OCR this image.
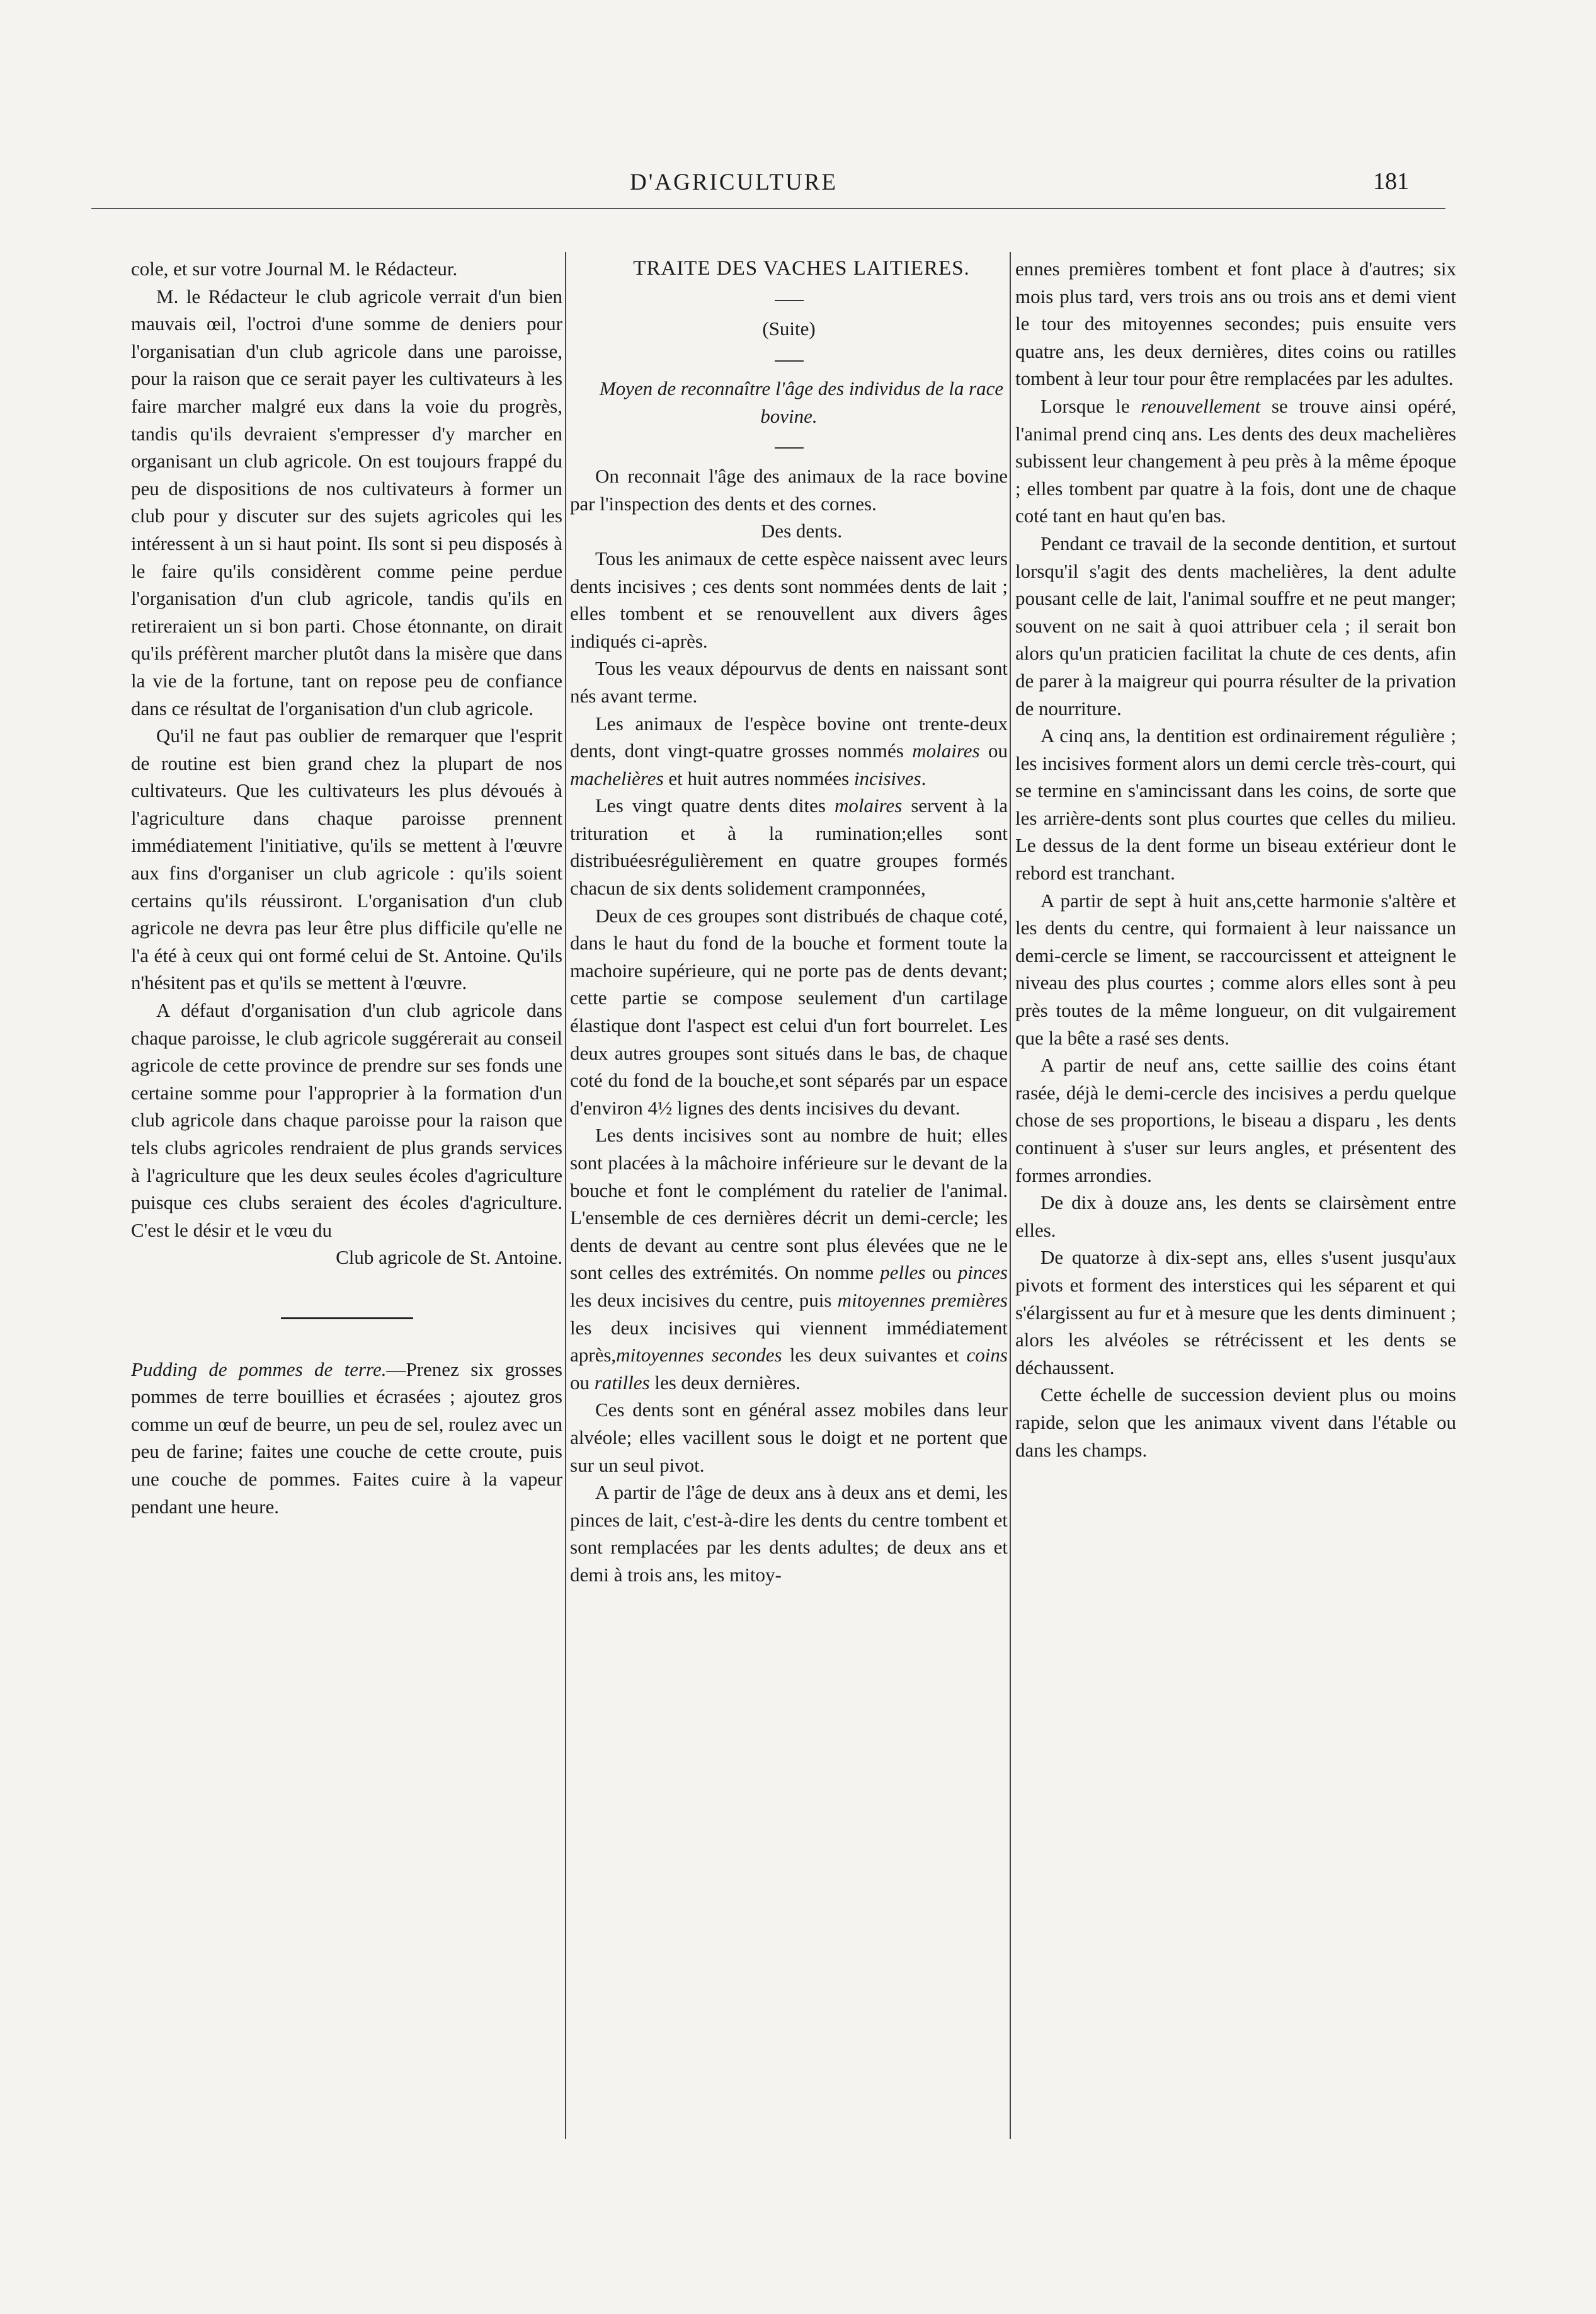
D'AGRICULTURE	181

cole, et sur votre Journal M. le Rédacteur.

M. le Rédacteur le club agricole verrait d'un bien mauvais œil, l'octroi d'une somme de deniers pour l'organisatian d'un club agricole dans une paroisse, pour la raison que ce serait payer les cultivateurs à les faire marcher malgré eux dans la voie du progrès, tandis qu'ils devraient s'empresser d'y marcher en organisant un club agricole. On est toujours frappé du peu de dispositions de nos cultivateurs à former un club pour y discuter sur des sujets agricoles qui les intéressent à un si haut point. Ils sont si peu disposés à le faire qu'ils considèrent comme peine perdue l'organisation d'un club agricole, tandis qu'ils en retireraient un si bon parti. Chose étonnante, on dirait qu'ils préfèrent marcher plutôt dans la misère que dans la vie de la fortune, tant on repose peu de confiance dans ce résultat de l'organisation d'un club agricole.

Qu'il ne faut pas oublier de remarquer que l'esprit de routine est bien grand chez la plupart de nos cultivateurs. Que les cultivateurs les plus dévoués à l'agriculture dans chaque paroisse prennent immédiatement l'initiative, qu'ils se mettent à l'œuvre aux fins d'organiser un club agricole : qu'ils soient certains qu'ils réussiront. L'organisation d'un club agricole ne devra pas leur être plus difficile qu'elle ne l'a été à ceux qui ont formé celui de St. Antoine. Qu'ils n'hésitent pas et qu'ils se mettent à l'œuvre.

A défaut d'organisation d'un club agricole dans chaque paroisse, le club agricole suggérerait au conseil agricole de cette province de prendre sur ses fonds une certaine somme pour l'approprier à la formation d'un club agricole dans chaque paroisse pour la raison que tels clubs agricoles rendraient de plus grands services à l'agriculture que les deux seules écoles d'agriculture puisque ces clubs seraient des écoles d'agriculture. C'est le désir et le vœu du

Club agricole de St. Antoine.

Pudding de pommes de terre.—Prenez six grosses pommes de terre bouillies et écrasées ; ajoutez gros comme un œuf de beurre, un peu de sel, roulez avec un peu de farine; faites une couche de cette croute, puis une couche de pommes. Faites cuire à la vapeur pendant une heure.

TRAITE DES VACHES LAITIERES.

(Suite)

Moyen de reconnaître l'âge des individus de la race bovine.

On reconnait l'âge des animaux de la race bovine par l'inspection des dents et des cornes.

Des dents.

Tous les animaux de cette espèce naissent avec leurs dents incisives ; ces dents sont nommées dents de lait ; elles tombent et se renouvellent aux divers âges indiqués ci-après.

Tous les veaux dépourvus de dents en naissant sont nés avant terme.

Les animaux de l'espèce bovine ont trente-deux dents, dont vingt-quatre grosses nommés molaires ou machelières et huit autres nommées incisives.

Les vingt quatre dents dites molaires servent à la trituration et à la rumination;elles sont distribuéesrégulièrement en quatre groupes formés chacun de six dents solidement cramponnées,

Deux de ces groupes sont distribués de chaque coté, dans le haut du fond de la bouche et forment toute la machoire supérieure, qui ne porte pas de dents devant; cette partie se compose seulement d'un cartilage élastique dont l'aspect est celui d'un fort bourrelet. Les deux autres groupes sont situés dans le bas, de chaque coté du fond de la bouche,et sont séparés par un espace d'environ 4½ lignes des dents incisives du devant.

Les dents incisives sont au nombre de huit; elles sont placées à la mâchoire inférieure sur le devant de la bouche et font le complément du ratelier de l'animal. L'ensemble de ces dernières décrit un demi-cercle; les dents de devant au centre sont plus élevées que ne le sont celles des extrémités. On nomme pelles ou pinces les deux incisives du centre, puis mitoyennes premières les deux incisives qui viennent immédiatement après,mitoyennes secondes les deux suivantes et coins ou ratilles les deux dernières.

Ces dents sont en général assez mobiles dans leur alvéole; elles vacillent sous le doigt et ne portent que sur un seul pivot.

A partir de l'âge de deux ans à deux ans et demi, les pinces de lait, c'est-à-dire les dents du centre tombent et sont remplacées par les dents adultes; de deux ans et demi à trois ans, les mitoy-

ennes premières tombent et font place à d'autres; six mois plus tard, vers trois ans ou trois ans et demi vient le tour des mitoyennes secondes; puis ensuite vers quatre ans, les deux dernières, dites coins ou ratilles tombent à leur tour pour être remplacées par les adultes.

Lorsque le renouvellement se trouve ainsi opéré, l'animal prend cinq ans. Les dents des deux machelières subissent leur changement à peu près à la même époque ; elles tombent par quatre à la fois, dont une de chaque coté tant en haut qu'en bas.

Pendant ce travail de la seconde dentition, et surtout lorsqu'il s'agit des dents machelières, la dent adulte pousant celle de lait, l'animal souffre et ne peut manger; souvent on ne sait à quoi attribuer cela ; il serait bon alors qu'un praticien facilitat la chute de ces dents, afin de parer à la maigreur qui pourra résulter de la privation de nourriture.

A cinq ans, la dentition est ordinairement régulière ; les incisives forment alors un demi cercle très-court, qui se termine en s'amincissant dans les coins, de sorte que les arrière-dents sont plus courtes que celles du milieu. Le dessus de la dent forme un biseau extérieur dont le rebord est tranchant.

A partir de sept à huit ans,cette harmonie s'altère et les dents du centre, qui formaient à leur naissance un demi-cercle se liment, se raccourcissent et atteignent le niveau des plus courtes ; comme alors elles sont à peu près toutes de la même longueur, on dit vulgairement que la bête a rasé ses dents.

A partir de neuf ans, cette saillie des coins étant rasée, déjà le demi-cercle des incisives a perdu quelque chose de ses proportions, le biseau a disparu , les dents continuent à s'user sur leurs angles, et présentent des formes arrondies.

De dix à douze ans, les dents se clairsèment entre elles.

De quatorze à dix-sept ans, elles s'usent jusqu'aux pivots et forment des interstices qui les séparent et qui s'élargissent au fur et à mesure que les dents diminuent ; alors les alvéoles se rétrécissent et les dents se déchaussent.

Cette échelle de succession devient plus ou moins rapide, selon que les animaux vivent dans l'étable ou dans les champs.
